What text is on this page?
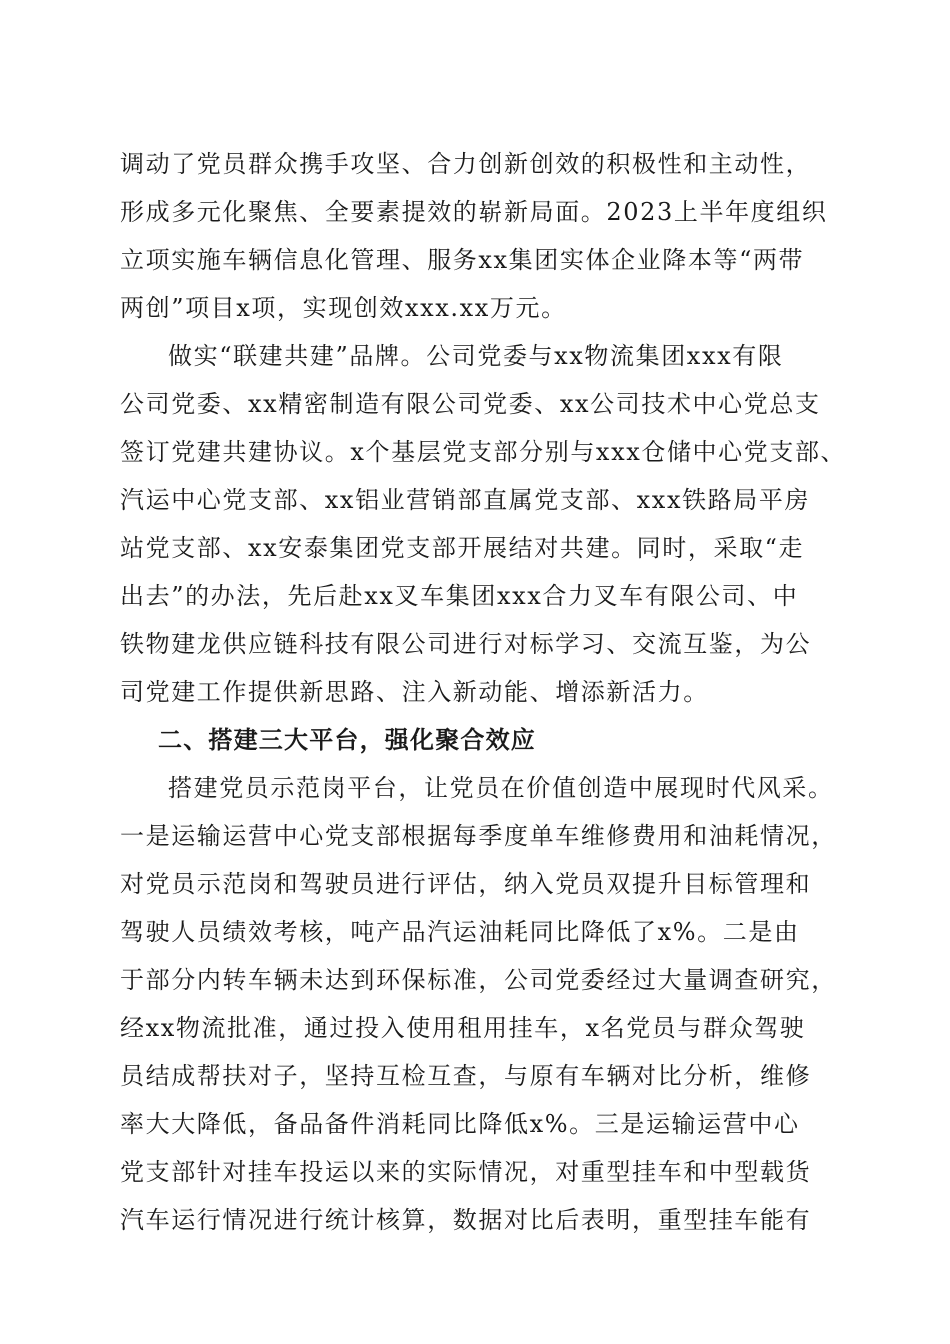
调动了党员群众携手攻坚、合力创新创效的积极性和主动性，
形成多元化聚焦、全要素提效的崭新局面。2023上半年度组织
立项实施车辆信息化管理、服务xx集团实体企业降本等“两带
两创”项目x项，实现创效xxx.xx万元。
做实“联建共建”品牌。公司党委与xx物流集团xxx有限
公司党委、xx精密制造有限公司党委、xx公司技术中心党总支
签订党建共建协议。x个基层党支部分别与xxx仓储中心党支部、
汽运中心党支部、xx铝业营销部直属党支部、xxx铁路局平房
站党支部、xx安泰集团党支部开展结对共建。同时，采取“走
出去”的办法，先后赴xx叉车集团xxx合力叉车有限公司、中
铁物建龙供应链科技有限公司进行对标学习、交流互鉴，为公
司党建工作提供新思路、注入新动能、增添新活力。
二、搭建三大平台，强化聚合效应
搭建党员示范岗平台，让党员在价值创造中展现时代风采。
一是运输运营中心党支部根据每季度单车维修费用和油耗情况，
对党员示范岗和驾驶员进行评估，纳入党员双提升目标管理和
驾驶人员绩效考核，吨产品汽运油耗同比降低了x%。二是由
于部分内转车辆未达到环保标准，公司党委经过大量调查研究，
经xx物流批准，通过投入使用租用挂车，x名党员与群众驾驶
员结成帮扶对子，坚持互检互查，与原有车辆对比分析，维修
率大大降低，备品备件消耗同比降低x%。三是运输运营中心
党支部针对挂车投运以来的实际情况，对重型挂车和中型载货
汽车运行情况进行统计核算，数据对比后表明，重型挂车能有
